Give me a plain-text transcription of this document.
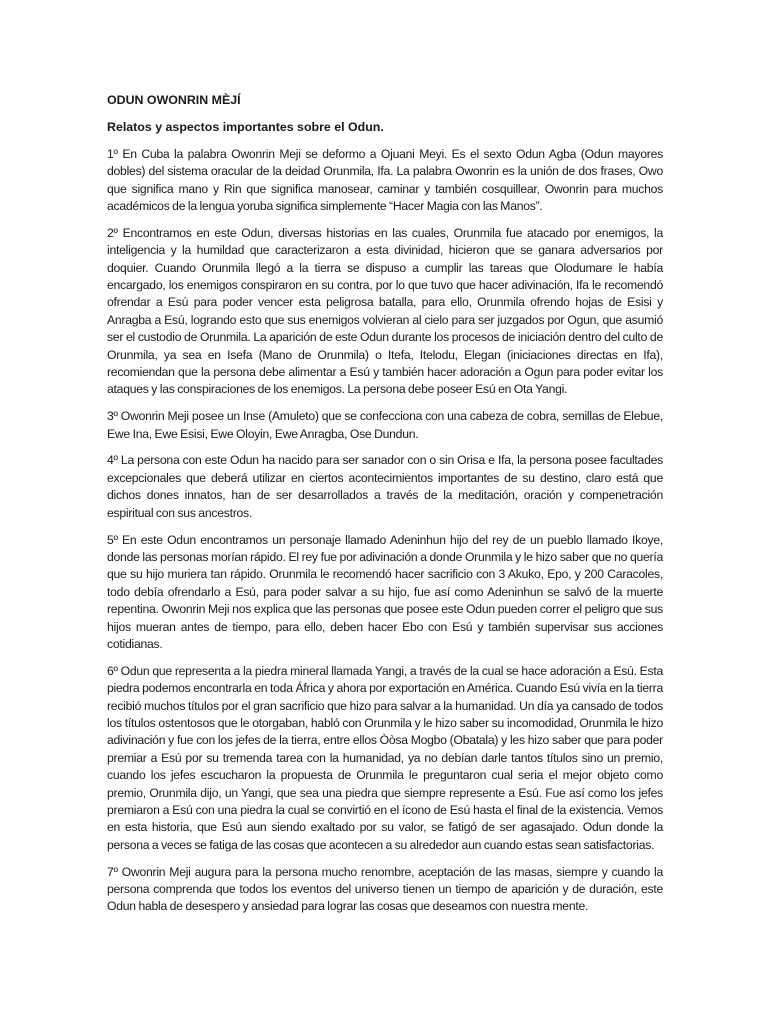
ODUN OWONRIN MÈJÍ
Relatos y aspectos importantes sobre el Odun.

1º En Cuba la palabra Owonrin Meji se deformo a Ojuani Meyi. Es el sexto Odun Agba (Odun mayores dobles) del sistema oracular de la deidad Orunmila, Ifa. La palabra Owonrin es la unión de dos frases, Owo que significa mano y Rin que significa manosear, caminar y también cosquillear, Owonrin para muchos académicos de la lengua yoruba significa simplemente “Hacer Magia con las Manos”.

2º Encontramos en este Odun, diversas historias en las cuales, Orunmila fue atacado por enemigos, la inteligencia y la humildad que caracterizaron a esta divinidad, hicieron que se ganara adversarios por doquier. Cuando Orunmila llegó a la tierra se dispuso a cumplir las tareas que Olodumare le había encargado, los enemigos conspiraron en su contra, por lo que tuvo que hacer adivinación, Ifa le recomendó ofrendar a Esú para poder vencer esta peligrosa batalla, para ello, Orunmila ofrendo hojas de Esisi y Anragba a Esú, logrando esto que sus enemigos volvieran al cielo para ser juzgados por Ogun, que asumió ser el custodio de Orunmila. La aparición de este Odun durante los procesos de iniciación dentro del culto de Orunmila, ya sea en Isefa (Mano de Orunmila) o Itefa, Itelodu, Elegan (iniciaciones directas en Ifa), recomiendan que la persona debe alimentar a Esú y también hacer adoración a Ogun para poder evitar los ataques y las conspiraciones de los enemigos. La persona debe poseer Esú en Ota Yangi.

3º Owonrin Meji posee un Inse (Amuleto) que se confecciona con una cabeza de cobra, semillas de Elebue, Ewe Ina, Ewe Esisi, Ewe Oloyin, Ewe Anragba, Ose Dundun.

4º La persona con este Odun ha nacido para ser sanador con o sin Orisa e Ifa, la persona posee facultades excepcionales que deberá utilizar en ciertos acontecimientos importantes de su destino, claro está que dichos dones innatos, han de ser desarrollados a través de la meditación, oración y compenetración espiritual con sus ancestros.

5º En este Odun encontramos un personaje llamado Adeninhun hijo del rey de un pueblo llamado Ikoye, donde las personas morían rápido. El rey fue por adivinación a donde Orunmila y le hizo saber que no quería que su hijo muriera tan rápido. Orunmila le recomendó hacer sacrificio con 3 Akuko, Epo, y 200 Caracoles, todo debía ofrendarlo a Esú, para poder salvar a su hijo, fue así como Adeninhun se salvó de la muerte repentina. Owonrin Meji nos explica que las personas que posee este Odun pueden correr el peligro que sus hijos mueran antes de tiempo, para ello, deben hacer Ebo con Esú y también supervisar sus acciones cotidianas.

6º Odun que representa a la piedra mineral llamada Yangi, a través de la cual se hace adoración a Esú. Esta piedra podemos encontrarla en toda África y ahora por exportación en América. Cuando Esú vivía en la tierra recibió muchos títulos por el gran sacrificio que hizo para salvar a la humanidad. Un día ya cansado de todos los títulos ostentosos que le otorgaban, habló con Orunmila y le hizo saber su incomodidad, Orunmila le hizo adivinación y fue con los jefes de la tierra, entre ellos Òòsa Mogbo (Obatala) y les hizo saber que para poder premiar a Esú por su tremenda tarea con la humanidad, ya no debían darle tantos títulos sino un premio, cuando los jefes escucharon la propuesta de Orunmila le preguntaron cual seria el mejor objeto como premio, Orunmila dijo, un Yangi, que sea una piedra que siempre represente a Esú. Fue así como los jefes premiaron a Esú con una piedra la cual se convirtió en el ícono de Esú hasta el final de la existencia. Vemos en esta historia, que Esú aun siendo exaltado por su valor, se fatigó de ser agasajado. Odun donde la persona a veces se fatiga de las cosas que acontecen a su alrededor aun cuando estas sean satisfactorias.

7º Owonrin Meji augura para la persona mucho renombre, aceptación de las masas, siempre y cuando la persona comprenda que todos los eventos del universo tienen un tiempo de aparición y de duración, este Odun habla de desespero y ansiedad para lograr las cosas que deseamos con nuestra mente.
